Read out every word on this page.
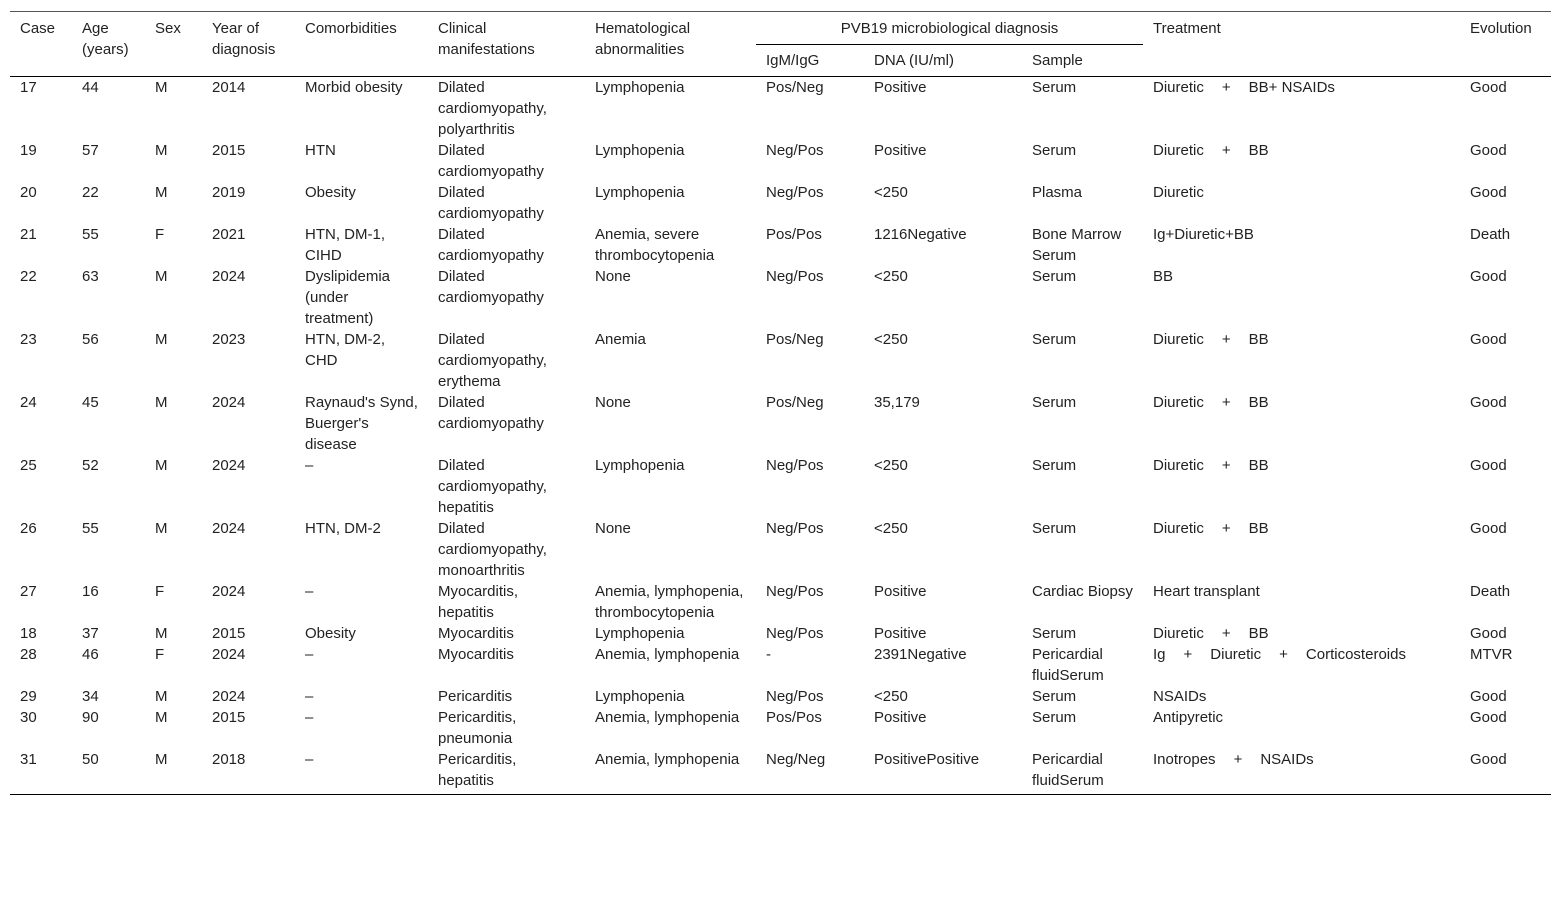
Case	Age (years)	Sex	Year of diagnosis	Comorbidities	Clinical manifestations	Hematological abnormalities	PVB19 microbiological diagnosis			Treatment	Evolution
							IgM/IgG	DNA (IU/ml)	Sample		
17	44	M	2014	Morbid obesity	Dilated cardiomyopathy, polyarthritis	Lymphopenia	Pos/Neg	Positive	Serum	Diuretic + BB+ NSAIDs	Good
19	57	M	2015	HTN	Dilated cardiomyopathy	Lymphopenia	Neg/Pos	Positive	Serum	Diuretic + BB	Good
20	22	M	2019	Obesity	Dilated cardiomyopathy	Lymphopenia	Neg/Pos	<250	Plasma	Diuretic	Good
21	55	F	2021	HTN, DM-1, CIHD	Dilated cardiomyopathy	Anemia, severe thrombocytopenia	Pos/Pos	1216Negative	Bone Marrow Serum	Ig+Diuretic+BB	Death
22	63	M	2024	Dyslipidemia (under treatment)	Dilated cardiomyopathy	None	Neg/Pos	<250	Serum	BB	Good
23	56	M	2023	HTN, DM-2, CHD	Dilated cardiomyopathy, erythema	Anemia	Pos/Neg	<250	Serum	Diuretic + BB	Good
24	45	M	2024	Raynaud's Synd, Buerger's disease	Dilated cardiomyopathy	None	Pos/Neg	35,179	Serum	Diuretic + BB	Good
25	52	M	2024	–	Dilated cardiomyopathy, hepatitis	Lymphopenia	Neg/Pos	<250	Serum	Diuretic + BB	Good
26	55	M	2024	HTN, DM-2	Dilated cardiomyopathy, monoarthritis	None	Neg/Pos	<250	Serum	Diuretic + BB	Good
27	16	F	2024	–	Myocarditis, hepatitis	Anemia, lymphopenia, thrombocytopenia	Neg/Pos	Positive	Cardiac Biopsy	Heart transplant	Death
18	37	M	2015	Obesity	Myocarditis	Lymphopenia	Neg/Pos	Positive	Serum	Diuretic + BB	Good
28	46	F	2024	–	Myocarditis	Anemia, lymphopenia	-	2391Negative	Pericardial fluidSerum	Ig + Diuretic + Corticosteroids	MTVR
29	34	M	2024	–	Pericarditis	Lymphopenia	Neg/Pos	<250	Serum	NSAIDs	Good
30	90	M	2015	–	Pericarditis, pneumonia	Anemia, lymphopenia	Pos/Pos	Positive	Serum	Antipyretic	Good
31	50	M	2018	–	Pericarditis, hepatitis	Anemia, lymphopenia	Neg/Neg	PositivePositive	Pericardial fluidSerum	Inotropes + NSAIDs	Good
